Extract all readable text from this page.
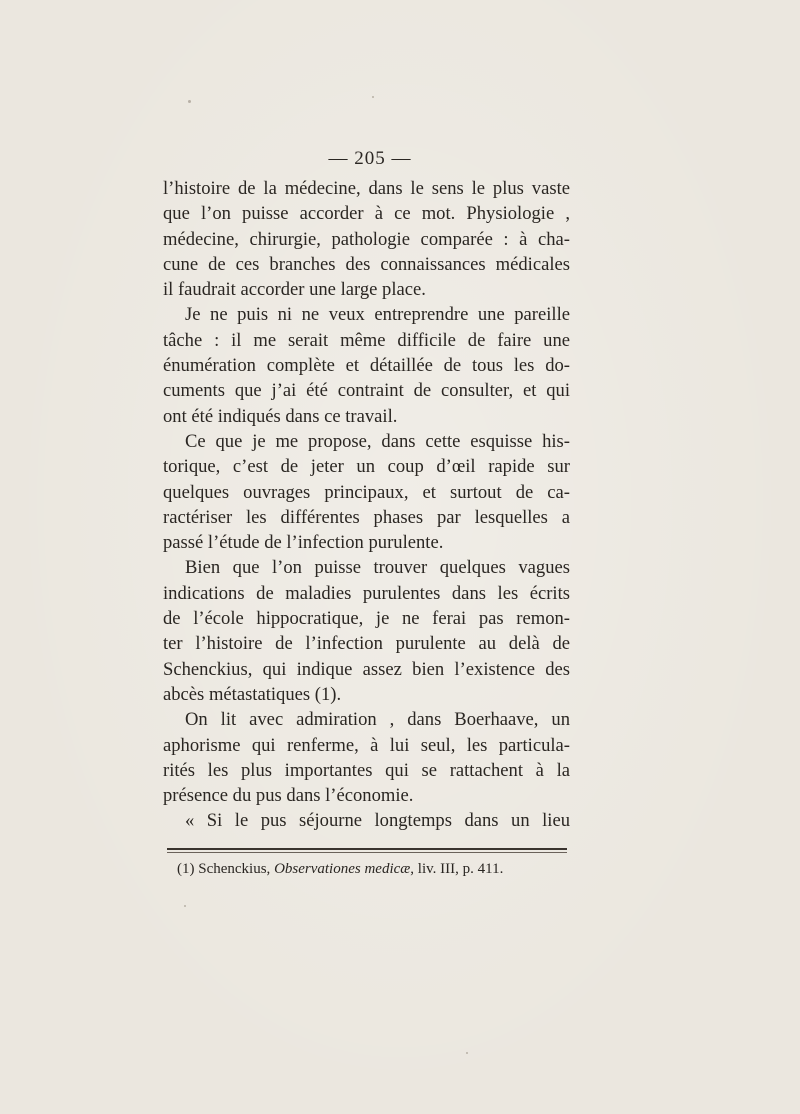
— 205 —
l’histoire de la médecine, dans le sens le plus vaste
que l’on puisse accorder à ce mot. Physiologie ,
médecine, chirurgie, pathologie comparée : à cha-
cune de ces branches des connaissances médicales
il faudrait accorder une large place.
Je ne puis ni ne veux entreprendre une pareille
tâche : il me serait même difficile de faire une
énumération complète et détaillée de tous les do-
cuments que j’ai été contraint de consulter, et qui
ont été indiqués dans ce travail.
Ce que je me propose, dans cette esquisse his-
torique, c’est de jeter un coup d’œil rapide sur
quelques ouvrages principaux, et surtout de ca-
ractériser les différentes phases par lesquelles a
passé l’étude de l’infection purulente.
Bien que l’on puisse trouver quelques vagues
indications de maladies purulentes dans les écrits
de l’école hippocratique, je ne ferai pas remon-
ter l’histoire de l’infection purulente au delà de
Schenckius, qui indique assez bien l’existence des
abcès métastatiques (1).
On lit avec admiration , dans Boerhaave, un
aphorisme qui renferme, à lui seul, les particula-
rités les plus importantes qui se rattachent à la
présence du pus dans l’économie.
« Si le pus séjourne longtemps dans un lieu
(1) Schenckius, Observationes medicæ, liv. III, p. 411.
